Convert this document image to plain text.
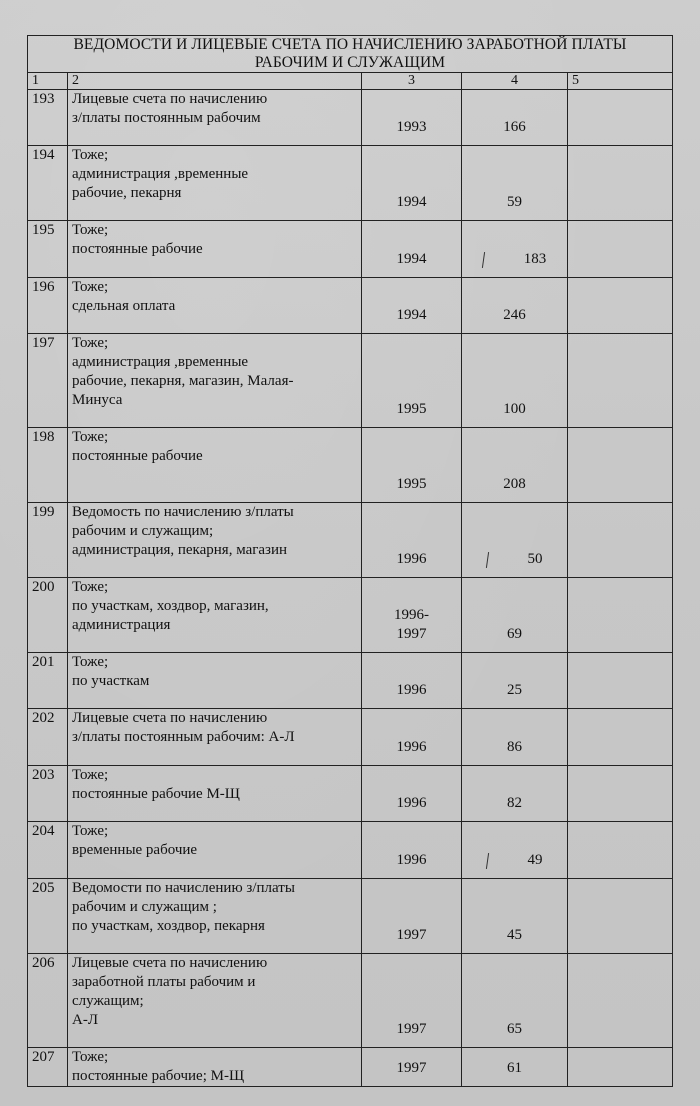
ВЕДОМОСТИ И ЛИЦЕВЫЕ СЧЕТА ПО НАЧИСЛЕНИЮ ЗАРАБОТНОЙ ПЛАТЫ
РАБОЧИМ И СЛУЖАЩИМ				
1	2	3	4	5
193	Лицевые счета по начислению
з/платы постоянным рабочим	1993	166	
194	Тоже;
администрация ,временные
рабочие, пекарня	1994	59	
195	Тоже;
постоянные рабочие	1994	183	
196	Тоже;
сдельная оплата	1994	246	
197	Тоже;
администрация ,временные
рабочие, пекарня, магазин, Малая-
Минуса	1995	100	
198	Тоже;
постоянные рабочие	1995	208	
199	Ведомость по начислению з/платы
рабочим и служащим;
администрация, пекарня, магазин	1996	50	
200	Тоже;
по участкам, хоздвор, магазин,
администрация	1996-
1997	69	
201	Тоже;
по участкам	1996	25	
202	Лицевые счета по начислению
з/платы постоянным рабочим: А-Л	1996	86	
203	Тоже;
постоянные рабочие М-Щ	1996	82	
204	Тоже;
временные рабочие	1996	49	
205	Ведомости по начислению з/платы
рабочим и служащим ;
по участкам, хоздвор, пекарня	1997	45	
206	Лицевые счета по начислению
заработной платы рабочим и
служащим;
А-Л	1997	65	
207	Тоже;
постоянные рабочие; М-Щ	1997	61	
